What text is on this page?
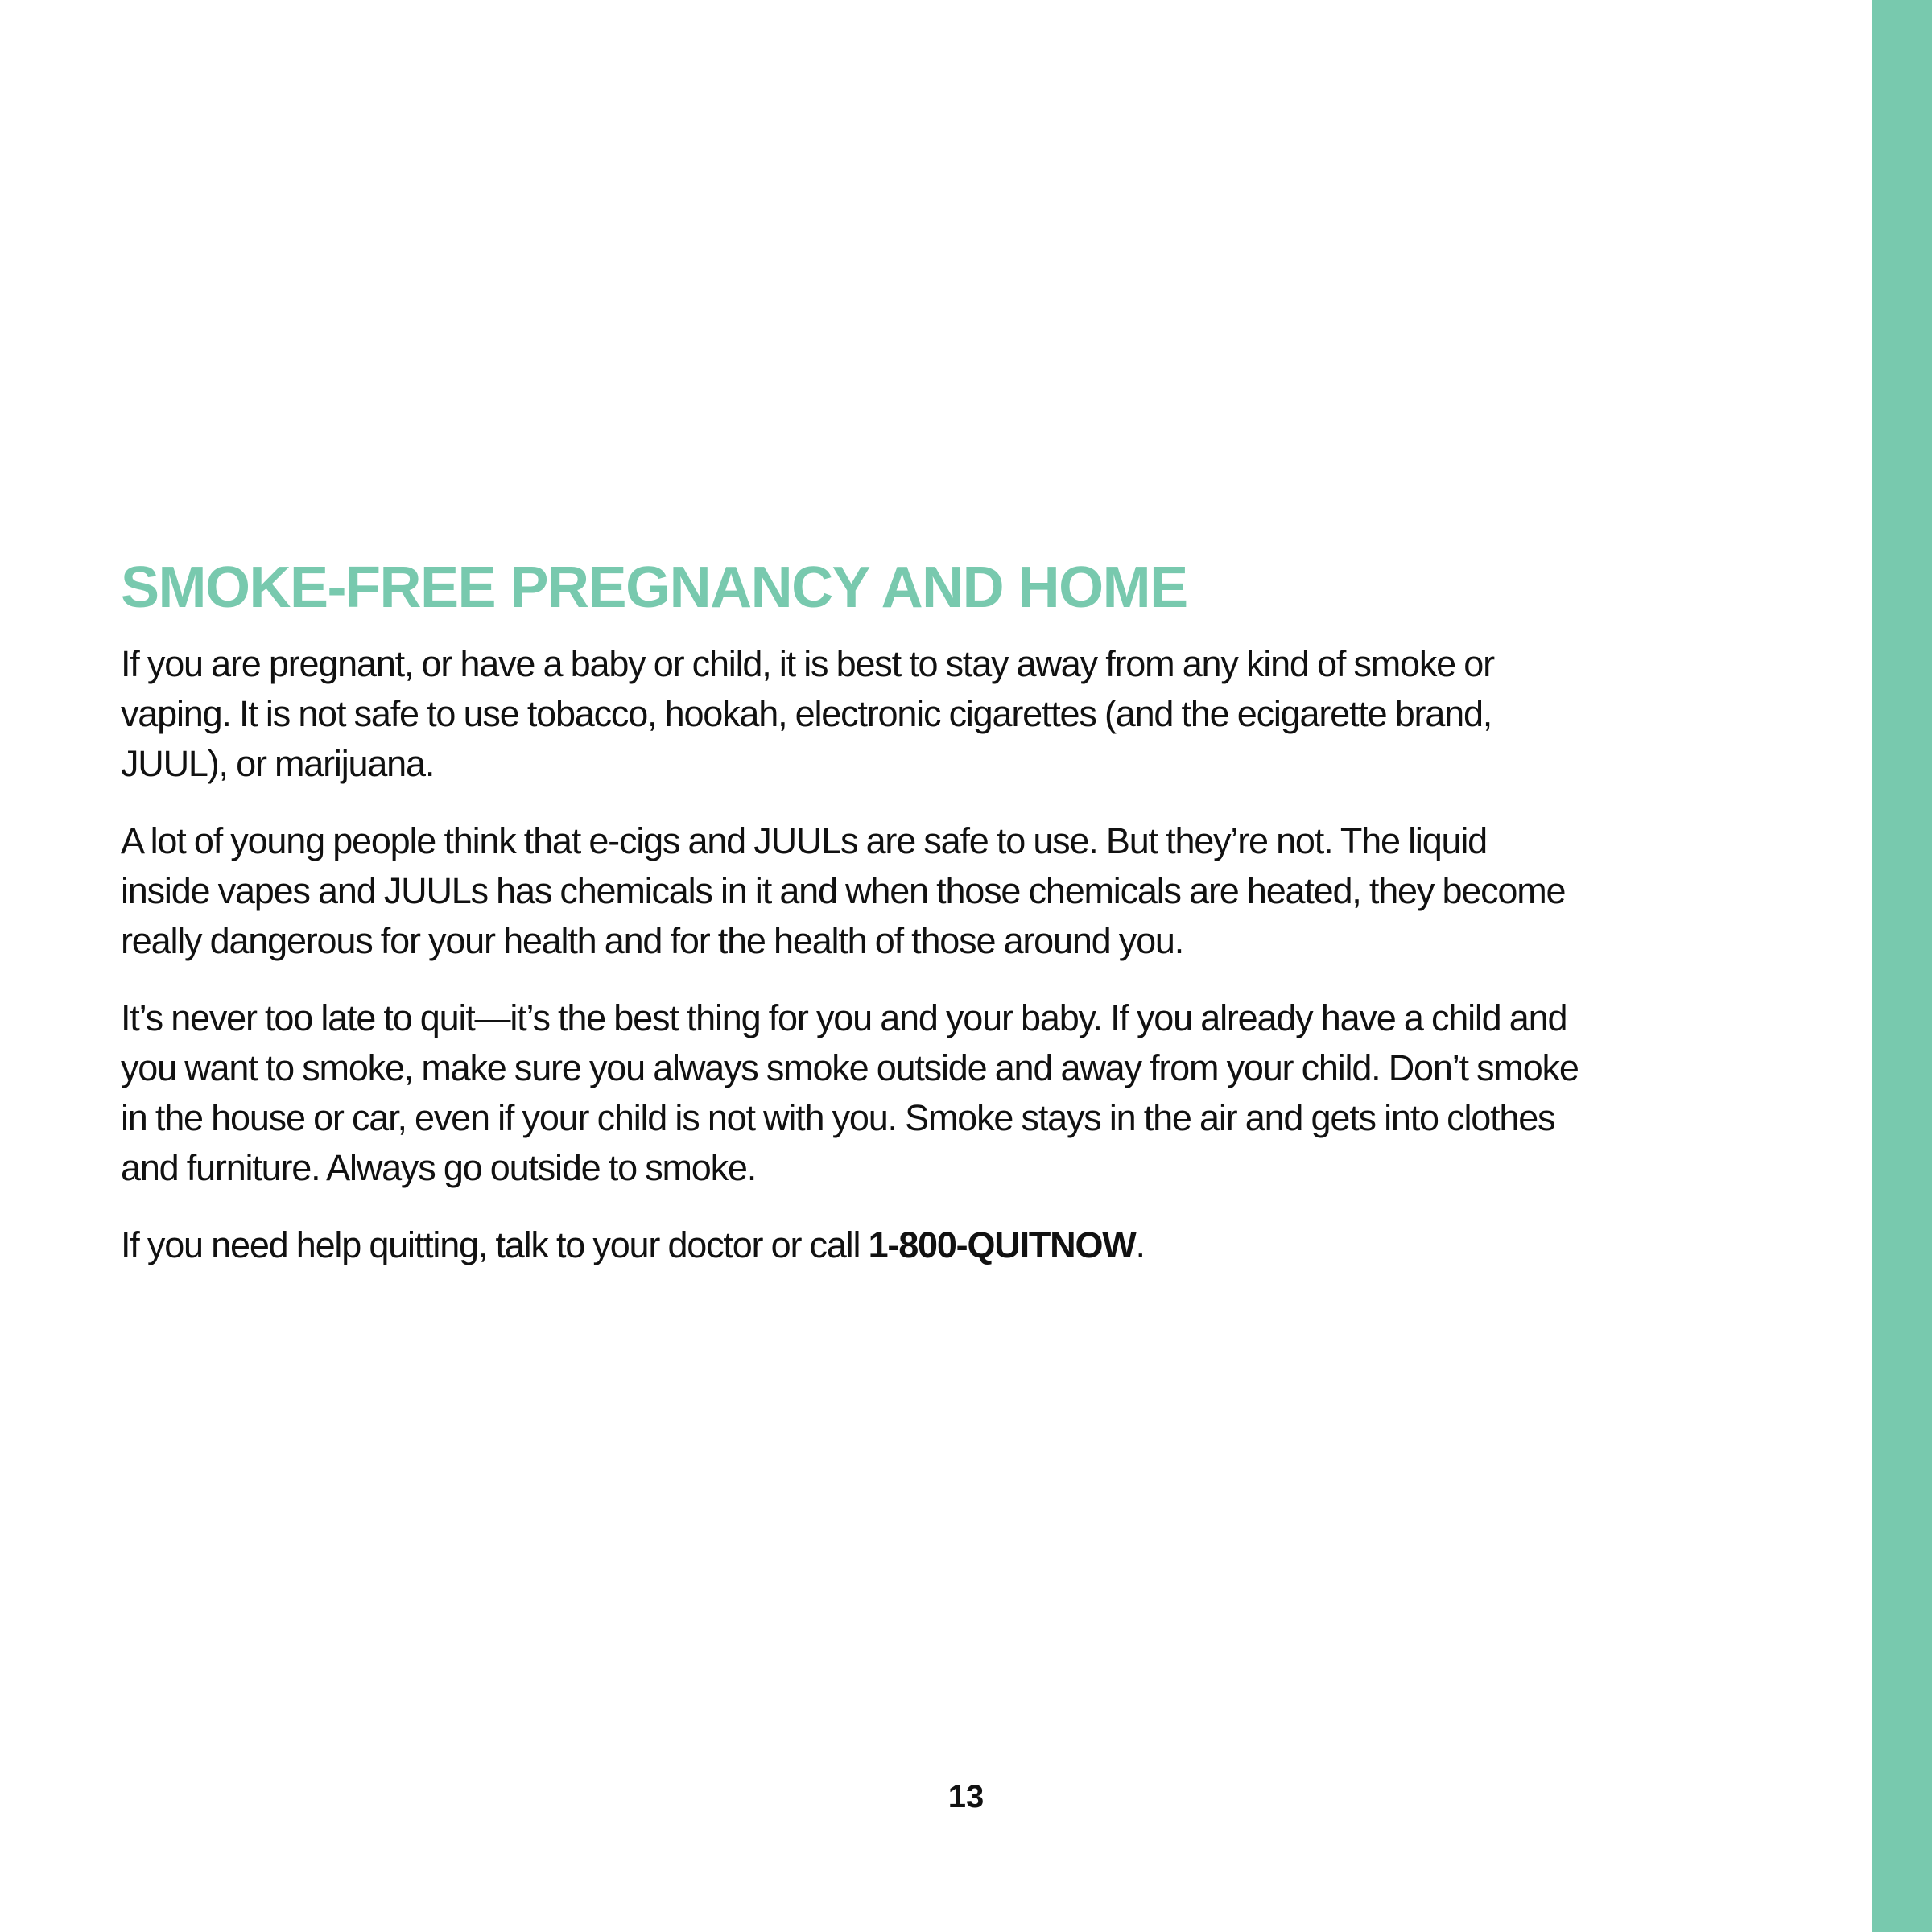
SMOKE-FREE PREGNANCY AND HOME

If you are pregnant, or have a baby or child, it is best to stay away from any kind of smoke or
vaping. It is not safe to use tobacco, hookah, electronic cigarettes (and the ecigarette brand,
JUUL), or marijuana.

A lot of young people think that e-cigs and JUULs are safe to use. But they’re not. The liquid
inside vapes and JUULs has chemicals in it and when those chemicals are heated, they become
really dangerous for your health and for the health of those around you.

It’s never too late to quit—it’s the best thing for you and your baby. If you already have a child and
you want to smoke, make sure you always smoke outside and away from your child. Don’t smoke
in the house or car, even if your child is not with you. Smoke stays in the air and gets into clothes
and furniture. Always go outside to smoke.

If you need help quitting, talk to your doctor or call 1-800-QUITNOW.

13
